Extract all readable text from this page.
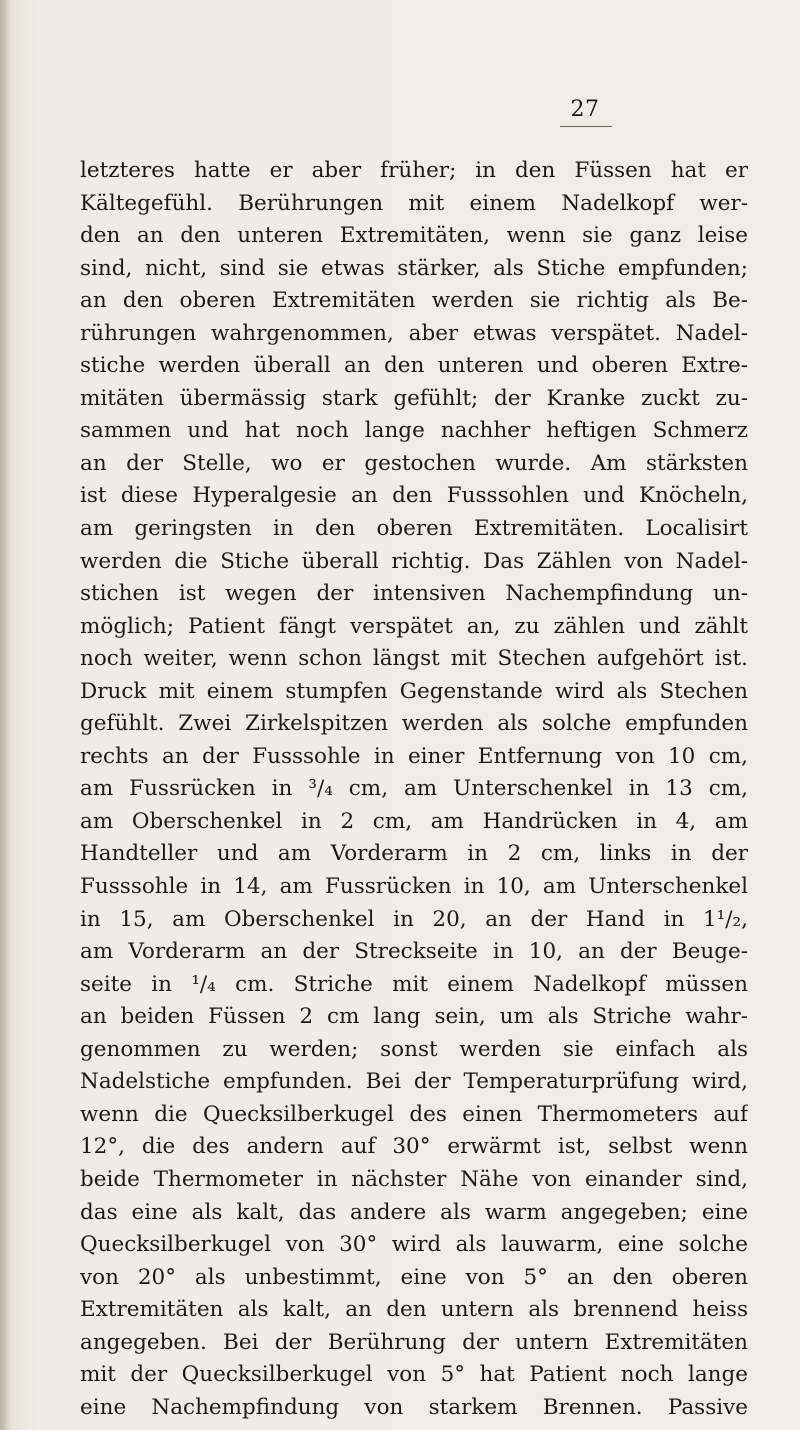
27
letzteres hatte er aber früher; in den Füssen hat er
Kältegefühl. Berührungen mit einem Nadelkopf wer-
den an den unteren Extremitäten, wenn sie ganz leise
sind, nicht, sind sie etwas stärker, als Stiche empfunden;
an den oberen Extremitäten werden sie richtig als Be-
rührungen wahrgenommen, aber etwas verspätet. Nadel-
stiche werden überall an den unteren und oberen Extre-
mitäten übermässig stark gefühlt; der Kranke zuckt zu-
sammen und hat noch lange nachher heftigen Schmerz
an der Stelle, wo er gestochen wurde. Am stärksten
ist diese Hyperalgesie an den Fusssohlen und Knöcheln,
am geringsten in den oberen Extremitäten. Localisirt
werden die Stiche überall richtig. Das Zählen von Nadel-
stichen ist wegen der intensiven Nachempfindung un-
möglich; Patient fängt verspätet an, zu zählen und zählt
noch weiter, wenn schon längst mit Stechen aufgehört ist.
Druck mit einem stumpfen Gegenstande wird als Stechen
gefühlt. Zwei Zirkelspitzen werden als solche empfunden
rechts an der Fusssohle in einer Entfernung von 10 cm,
am Fussrücken in ³/₄ cm, am Unterschenkel in 13 cm,
am Oberschenkel in 2 cm, am Handrücken in 4, am
Handteller und am Vorderarm in 2 cm, links in der
Fusssohle in 14, am Fussrücken in 10, am Unterschenkel
in 15, am Oberschenkel in 20, an der Hand in 1¹/₂,
am Vorderarm an der Streckseite in 10, an der Beuge-
seite in ¹/₄ cm. Striche mit einem Nadelkopf müssen
an beiden Füssen 2 cm lang sein, um als Striche wahr-
genommen zu werden; sonst werden sie einfach als
Nadelstiche empfunden. Bei der Temperaturprüfung wird,
wenn die Quecksilberkugel des einen Thermometers auf
12°, die des andern auf 30° erwärmt ist, selbst wenn
beide Thermometer in nächster Nähe von einander sind,
das eine als kalt, das andere als warm angegeben; eine
Quecksilberkugel von 30° wird als lauwarm, eine solche
von 20° als unbestimmt, eine von 5° an den oberen
Extremitäten als kalt, an den untern als brennend heiss
angegeben. Bei der Berührung der untern Extremitäten
mit der Quecksilberkugel von 5° hat Patient noch lange
eine Nachempfindung von starkem Brennen. Passive
